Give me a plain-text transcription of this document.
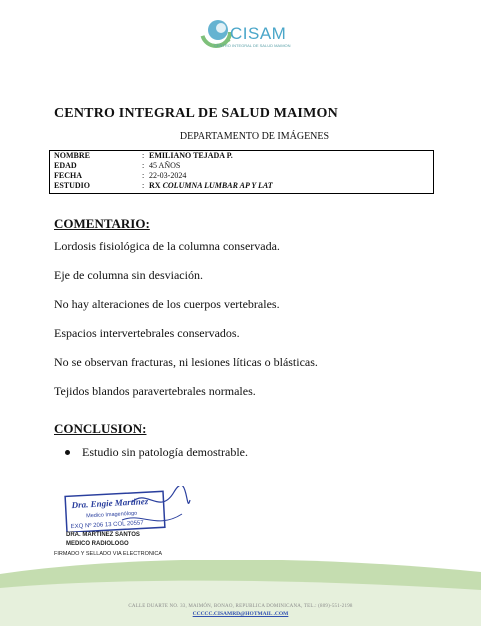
CISAM
CENTRO INTEGRAL DE SALUD MAIMON
CENTRO INTEGRAL DE SALUD MAIMON
DEPARTAMENTO DE IMÁGENES
NOMBRE	: EMILIANO TEJADA P.
EDAD	: 45 AÑOS
FECHA	: 22-03-2024
ESTUDIO	: RX COLUMNA LUMBAR AP Y LAT
COMENTARIO:
Lordosis fisiológica de la columna conservada.
Eje de columna sin desviación.
No hay alteraciones de los cuerpos vertebrales.
Espacios intervertebrales conservados.
No se observan fracturas, ni lesiones líticas o blásticas.
Tejidos blandos paravertebrales normales.
CONCLUSION:
Estudio sin patología demostrable.
Dra. Engie Martinez
Medico Imagenólogo
EXQ Nº 206 13 COL 20557
DRA. MARTINEZ SANTOS
MEDICO RADIOLOGO
FIRMADO Y SELLADO VIA ELECTRONICA
CALLE DUARTE NO. 33, MAIMÓN, BONAO, REPUBLICA DOMINICANA, TEL.: (809)-551-2198
CCCCC.CISAMRD@HOTMAIL .COM
